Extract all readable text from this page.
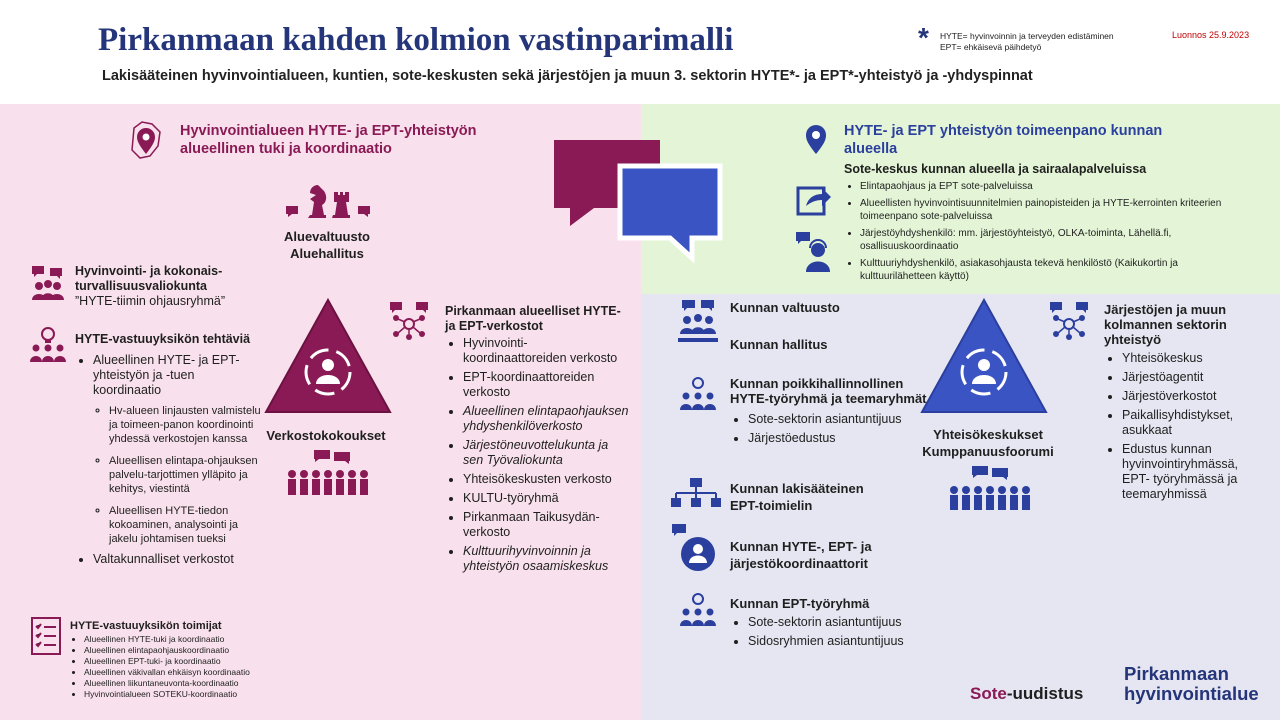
Pirkanmaan kahden kolmion vastinparimalli
Lakisääteinen hyvinvointialueen, kuntien, sote-keskusten sekä järjestöjen ja muun 3. sektorin HYTE*- ja EPT*-yhteistyö ja -yhdyspinnat
Luonnos 25.9.2023
* HYTE= hyvinvoinnin ja terveyden edistäminen
EPT= ehkäisevä päihdetyö
Hyvinvointialueen HYTE- ja EPT-yhteistyön alueellinen tuki ja koordinaatio
Aluevaltuusto
Aluehallitus
Hyvinvointi- ja kokonais-turvallisuusvaliokunta
”HYTE-tiimin ohjausryhmä”
HYTE-vastuuyksikön tehtäviä
• Alueellinen HYTE- ja EPT-yhteistyön ja -tuen koordinaatio
◦ Hv-alueen linjausten valmistelu ja toimeen-panon koordinointi yhdessä verkostojen kanssa
◦ Alueellisen elintapa-ohjauksen palvelu-tarjottimen ylläpito ja kehitys, viestintä
◦ Alueellisen HYTE-tiedon kokoaminen, analysointi ja jakelu johtamisen tueksi
• Valtakunnalliset verkostot
Verkostokokoukset
Pirkanmaan alueelliset HYTE- ja EPT-verkostot
• Hyvinvointi-koordinaattoreiden verkosto
• EPT-koordinaattoreiden verkosto
• Alueellinen elintapaohjauksen yhdyshenkilöverkosto
• Järjestöneuvottelukunta ja sen Työvaliokunta
• Yhteisökeskusten verkosto
• KULTU-työryhmä
• Pirkanmaan Taikusydän-verkosto
• Kulttuurihyvinvoinnin ja yhteistyön osaamiskeskus
HYTE-vastuuyksikön toimijat
• Alueellinen HYTE-tuki ja koordinaatio
• Alueellinen elintapaohjauskoordinaatio
• Alueellinen EPT-tuki- ja koordinaatio
• Alueellinen väkivallan ehkäisyn koordinaatio
• Alueellinen liikuntaneuvonta-koordinaatio
• Hyvinvointialueen SOTEKU-koordinaatio
HYTE- ja EPT yhteistyön toimeenpano kunnan alueella
Sote-keskus kunnan alueella ja sairaalapalveluissa
• Elintapaohjaus ja EPT sote-palveluissa
• Alueellisten hyvinvointisuunnitelmien painopisteiden ja HYTE-kerrointen kriteerien toimeenpano sote-palveluissa
• Järjestöyhdyshenkilö: mm. järjestöyhteistyö, OLKA-toiminta, Lähellä.fi, osallisuuskoordinaatio
• Kulttuuriyhdyshenkilö, asiakasohjausta tekevä henkilöstö (Kaikukortin ja kulttuurilähetteen käyttö)
Kunnan valtuusto
Kunnan hallitus
Kunnan poikkihallinnollinen HYTE-työryhmä ja teemaryhmät
• Sote-sektorin asiantuntijuus
• Järjestöedustus
Kunnan lakisääteinen EPT-toimielin
Kunnan HYTE-, EPT- ja järjestökoordinaattorit
Kunnan EPT-työryhmä
• Sote-sektorin asiantuntijuus
• Sidosryhmien asiantuntijuus
Yhteisökeskukset
Kumppanuusfoorumi
Järjestöjen ja muun kolmannen sektorin yhteistyö
• Yhteisökeskus
• Järjestöagentit
• Järjestöverkostot
• Paikallisyhdistykset, asukkaat
• Edustus kunnan hyvinvointiryhmässä, EPT- työryhmässä ja teemaryhmissä
Sote-uudistus
Pirkanmaan
hyvinvointialue
